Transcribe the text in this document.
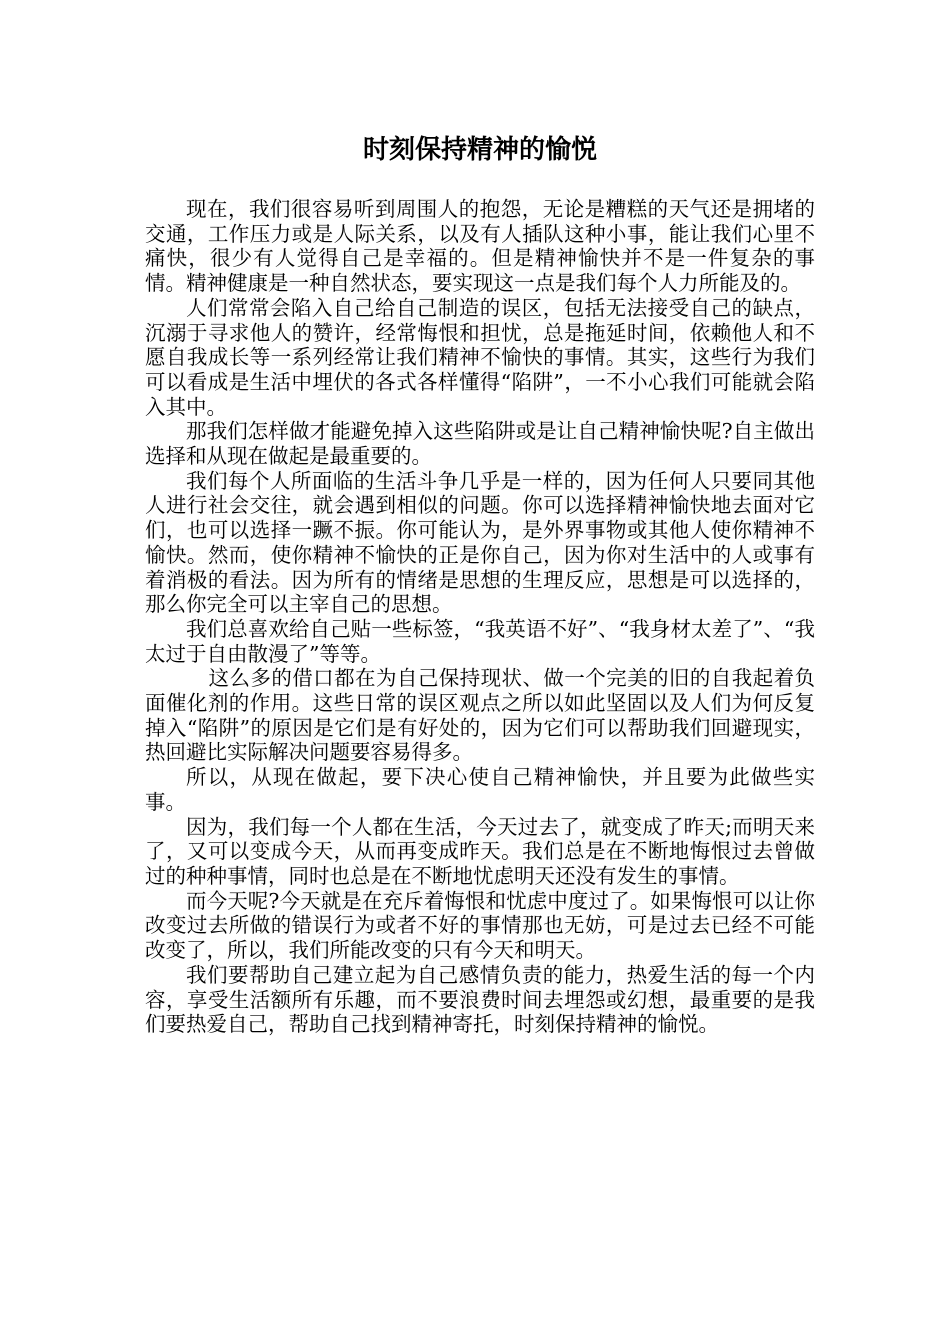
时刻保持精神的愉悦

现在，我们很容易听到周围人的抱怨，无论是糟糕的天气还是拥堵的交通，工作压力或是人际关系，以及有人插队这种小事，能让我们心里不痛快，很少有人觉得自己是幸福的。但是精神愉快并不是一件复杂的事情。精神健康是一种自然状态，要实现这一点是我们每个人力所能及的。

人们常常会陷入自己给自己制造的误区，包括无法接受自己的缺点，沉溺于寻求他人的赞许，经常悔恨和担忧，总是拖延时间，依赖他人和不愿自我成长等一系列经常让我们精神不愉快的事情。其实，这些行为我们可以看成是生活中埋伏的各式各样懂得“陷阱”，一不小心我们可能就会陷入其中。

那我们怎样做才能避免掉入这些陷阱或是让自己精神愉快呢?自主做出选择和从现在做起是最重要的。

我们每个人所面临的生活斗争几乎是一样的，因为任何人只要同其他人进行社会交往，就会遇到相似的问题。你可以选择精神愉快地去面对它们，也可以选择一蹶不振。你可能认为，是外界事物或其他人使你精神不愉快。然而，使你精神不愉快的正是你自己，因为你对生活中的人或事有着消极的看法。因为所有的情绪是思想的生理反应，思想是可以选择的，那么你完全可以主宰自己的思想。

我们总喜欢给自己贴一些标签，“我英语不好”、“我身材太差了”、“我太过于自由散漫了”等等。

这么多的借口都在为自己保持现状、做一个完美的旧的自我起着负面催化剂的作用。这些日常的误区观点之所以如此坚固以及人们为何反复掉入“陷阱”的原因是它们是有好处的，因为它们可以帮助我们回避现实，热回避比实际解决问题要容易得多。

所以，从现在做起，要下决心使自己精神愉快，并且要为此做些实事。

因为，我们每一个人都在生活，今天过去了，就变成了昨天;而明天来了，又可以变成今天，从而再变成昨天。我们总是在不断地悔恨过去曾做过的种种事情，同时也总是在不断地忧虑明天还没有发生的事情。

而今天呢?今天就是在充斥着悔恨和忧虑中度过了。如果悔恨可以让你改变过去所做的错误行为或者不好的事情那也无妨，可是过去已经不可能改变了，所以，我们所能改变的只有今天和明天。

我们要帮助自己建立起为自己感情负责的能力，热爱生活的每一个内容，享受生活额所有乐趣，而不要浪费时间去埋怨或幻想，最重要的是我们要热爱自己，帮助自己找到精神寄托，时刻保持精神的愉悦。
